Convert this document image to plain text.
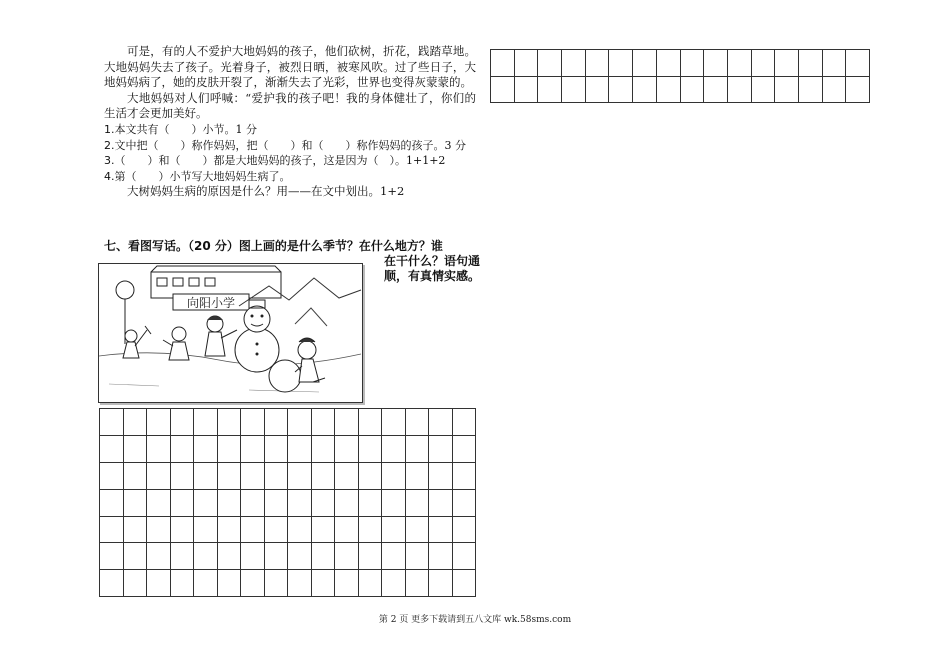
可是，有的人不爱护大地妈妈的孩子，他们砍树，折花，践踏草地。大地妈妈失去了孩子。光着身子，被烈日晒，被寒风吹。过了些日子，大地妈妈病了，她的皮肤开裂了，渐渐失去了光彩，世界也变得灰蒙蒙的。

大地妈妈对人们呼喊：“爱护我的孩子吧！我的身体健壮了，你们的生活才会更加美好。

1.本文共有（　　）小节。1 分

2.文中把（　　）称作妈妈，把（　　）和（　　）称作妈妈的孩子。3 分

3.（　　）和（　　）都是大地妈妈的孩子，这是因为（　）。1+1+2

4.第（　　）小节写大地妈妈生病了。

大树妈妈生病的原因是什么？用——在文中划出。1+2

七、看图写话。（20 分）图上画的是什么季节？在什么地方？谁
在干什么？语句通
顺，有真情实感。
向阳小学

第 2 页 更多下载请到五八文库 wk.58sms.com
